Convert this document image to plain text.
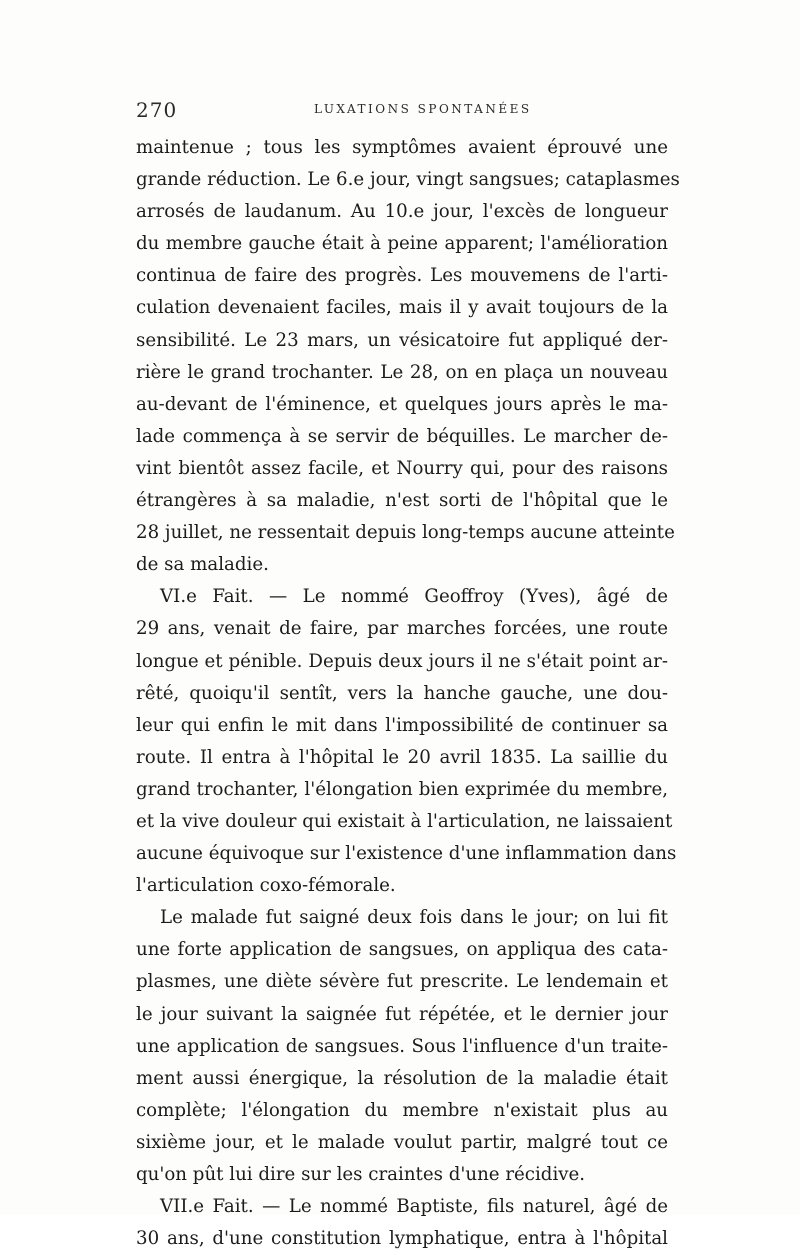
270	LUXATIONS SPONTANÉES
maintenue ; tous les symptômes avaient éprouvé une
grande réduction. Le 6.e jour, vingt sangsues; cataplasmes
arrosés de laudanum. Au 10.e jour, l'excès de longueur
du membre gauche était à peine apparent; l'amélioration
continua de faire des progrès. Les mouvemens de l'arti-
culation devenaient faciles, mais il y avait toujours de la
sensibilité. Le 23 mars, un vésicatoire fut appliqué der-
rière le grand trochanter. Le 28, on en plaça un nouveau
au-devant de l'éminence, et quelques jours après le ma-
lade commença à se servir de béquilles. Le marcher de-
vint bientôt assez facile, et Nourry qui, pour des raisons
étrangères à sa maladie, n'est sorti de l'hôpital que le
28 juillet, ne ressentait depuis long-temps aucune atteinte
de sa maladie.
VI.e Fait. — Le nommé Geoffroy (Yves), âgé de
29 ans, venait de faire, par marches forcées, une route
longue et pénible. Depuis deux jours il ne s'était point ar-
rêté, quoiqu'il sentît, vers la hanche gauche, une dou-
leur qui enfin le mit dans l'impossibilité de continuer sa
route. Il entra à l'hôpital le 20 avril 1835. La saillie du
grand trochanter, l'élongation bien exprimée du membre,
et la vive douleur qui existait à l'articulation, ne laissaient
aucune équivoque sur l'existence d'une inflammation dans
l'articulation coxo-fémorale.
Le malade fut saigné deux fois dans le jour; on lui fit
une forte application de sangsues, on appliqua des cata-
plasmes, une diète sévère fut prescrite. Le lendemain et
le jour suivant la saignée fut répétée, et le dernier jour
une application de sangsues. Sous l'influence d'un traite-
ment aussi énergique, la résolution de la maladie était
complète; l'élongation du membre n'existait plus au
sixième jour, et le malade voulut partir, malgré tout ce
qu'on pût lui dire sur les craintes d'une récidive.
VII.e Fait. — Le nommé Baptiste, fils naturel, âgé de
30 ans, d'une constitution lymphatique, entra à l'hôpital
